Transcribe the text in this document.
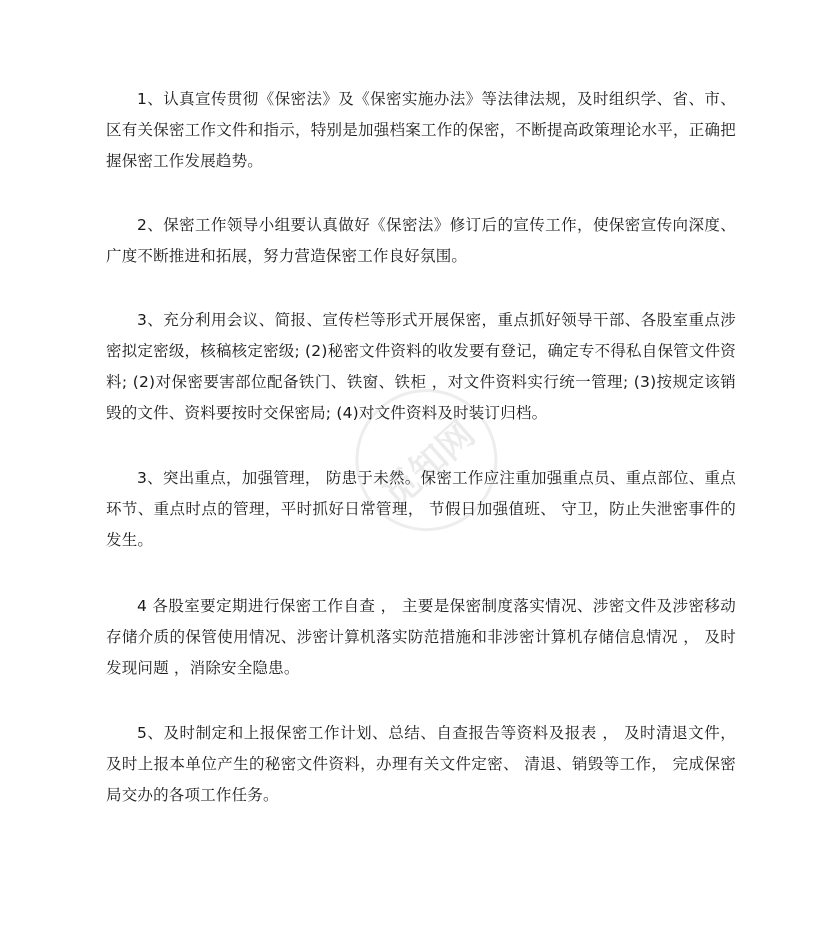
1、认真宣传贯彻《保密法》及《保密实施办法》等法律法规，及时组织学、省、市、区有关保密工作文件和指示，特别是加强档案工作的保密，不断提高政策理论水平，正确把握保密工作发展趋势。

2、保密工作领导小组要认真做好《保密法》修订后的宣传工作，使保密宣传向深度、广度不断推进和拓展，努力营造保密工作良好氛围。

3、充分利用会议、简报、宣传栏等形式开展保密，重点抓好领导干部、各股室重点涉密拟定密级，核稿核定密级; (2)秘密文件资料的收发要有登记，确定专不得私自保管文件资料; (2)对保密要害部位配备铁门、铁窗、铁柜 ，对文件资料实行统一管理; (3)按规定该销毁的文件、资料要按时交保密局; (4)对文件资料及时装订归档。

3、突出重点，加强管理， 防患于未然。保密工作应注重加强重点员、重点部位、重点环节、重点时点的管理，平时抓好日常管理， 节假日加强值班、 守卫，防止失泄密事件的发生。

4 各股室要定期进行保密工作自查 ， 主要是保密制度落实情况、涉密文件及涉密移动存储介质的保管使用情况、涉密计算机落实防范措施和非涉密计算机存储信息情况 ， 及时发现问题 ，消除安全隐患。

5、及时制定和上报保密工作计划、总结、自查报告等资料及报表 ， 及时清退文件，及时上报本单位产生的秘密文件资料，办理有关文件定密、 清退、销毁等工作， 完成保密局交办的各项工作任务。

觅知网
